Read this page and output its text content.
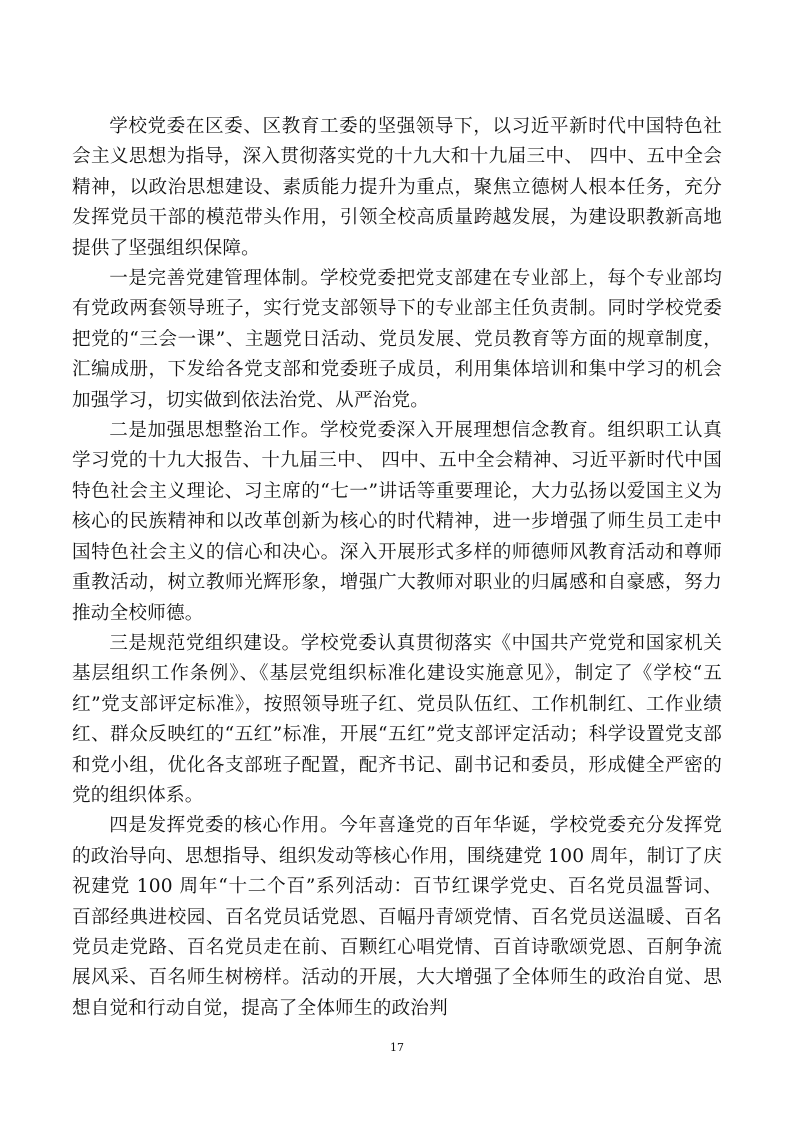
学校党委在区委、区教育工委的坚强领导下，以习近平新时代中国特色社会主义思想为指导，深入贯彻落实党的十九大和十九届三中、 四中、五中全会精神，以政治思想建设、素质能力提升为重点，聚焦立德树人根本任务，充分发挥党员干部的模范带头作用，引领全校高质量跨越发展，为建设职教新高地提供了坚强组织保障。

一是完善党建管理体制。学校党委把党支部建在专业部上，每个专业部均有党政两套领导班子，实行党支部领导下的专业部主任负责制。同时学校党委把党的“三会一课”、主题党日活动、党员发展、党员教育等方面的规章制度，汇编成册，下发给各党支部和党委班子成员，利用集体培训和集中学习的机会加强学习，切实做到依法治党、从严治党。

二是加强思想整治工作。学校党委深入开展理想信念教育。组织职工认真学习党的十九大报告、十九届三中、 四中、五中全会精神、习近平新时代中国特色社会主义理论、习主席的“七一”讲话等重要理论，大力弘扬以爱国主义为核心的民族精神和以改革创新为核心的时代精神，进一步增强了师生员工走中国特色社会主义的信心和决心。深入开展形式多样的师德师风教育活动和尊师重教活动，树立教师光辉形象，增强广大教师对职业的归属感和自豪感，努力推动全校师德。

三是规范党组织建设。学校党委认真贯彻落实《中国共产党党和国家机关基层组织工作条例》、《基层党组织标准化建设实施意见》，制定了《学校“五红”党支部评定标准》，按照领导班子红、党员队伍红、工作机制红、工作业绩红、群众反映红的“五红”标准，开展“五红”党支部评定活动；科学设置党支部和党小组，优化各支部班子配置，配齐书记、副书记和委员，形成健全严密的党的组织体系。

四是发挥党委的核心作用。今年喜逢党的百年华诞，学校党委充分发挥党的政治导向、思想指导、组织发动等核心作用，围绕建党 100 周年，制订了庆祝建党 100 周年“十二个百”系列活动：百节红课学党史、百名党员温誓词、百部经典进校园、百名党员话党恩、百幅丹青颂党情、百名党员送温暖、百名党员走党路、百名党员走在前、百颗红心唱党情、百首诗歌颂党恩、百舸争流展风采、百名师生树榜样。活动的开展，大大增强了全体师生的政治自觉、思想自觉和行动自觉，提高了全体师生的政治判

17
